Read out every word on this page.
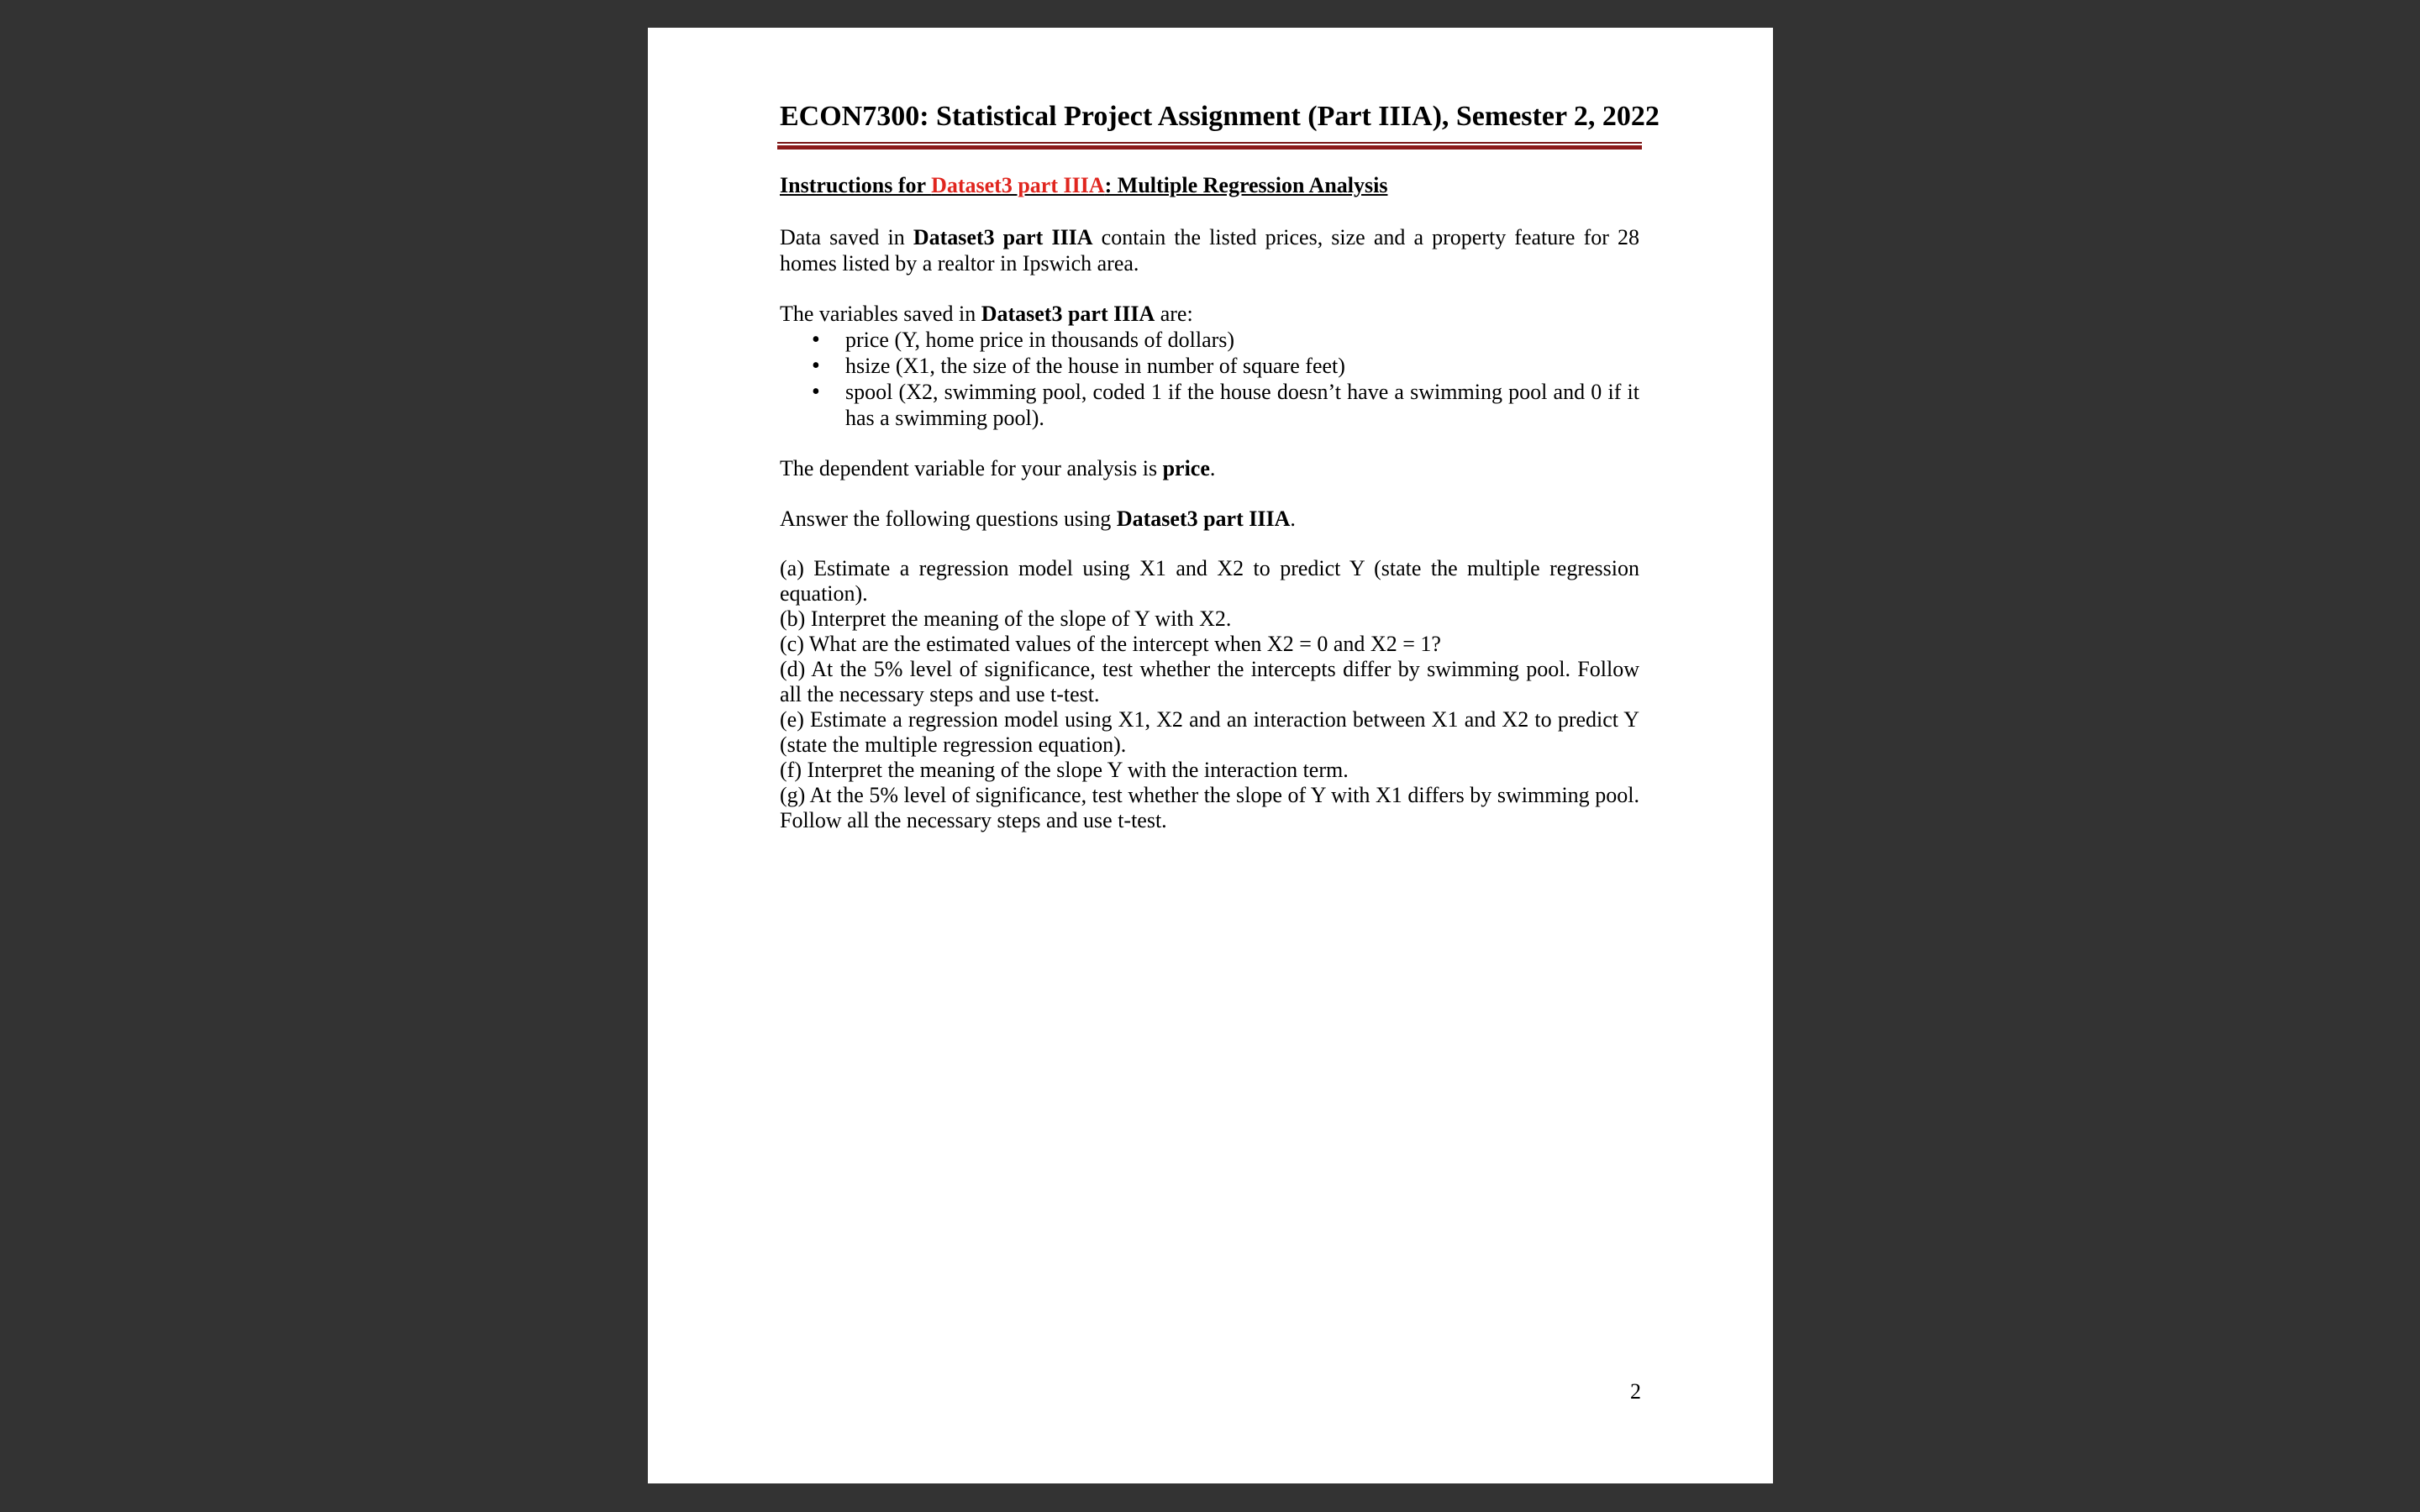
ECON7300: Statistical Project Assignment (Part IIIA), Semester 2, 2022
Instructions for Dataset3 part IIIA: Multiple Regression Analysis

Data saved in Dataset3 part IIIA contain the listed prices, size and a property feature for 28 homes listed by a realtor in Ipswich area.

The variables saved in Dataset3 part IIIA are:

• price (Y, home price in thousands of dollars)
• hsize (X1, the size of the house in number of square feet)
• spool (X2, swimming pool, coded 1 if the house doesn’t have a swimming pool and 0 if it has a swimming pool).

The dependent variable for your analysis is price.

Answer the following questions using Dataset3 part IIIA.

(a) Estimate a regression model using X1 and X2 to predict Y (state the multiple regression equation).

(b) Interpret the meaning of the slope of Y with X2.

(c) What are the estimated values of the intercept when X2 = 0 and X2 = 1?

(d) At the 5% level of significance, test whether the intercepts differ by swimming pool. Follow all the necessary steps and use t-test.

(e) Estimate a regression model using X1, X2 and an interaction between X1 and X2 to predict Y (state the multiple regression equation).

(f) Interpret the meaning of the slope Y with the interaction term.

(g) At the 5% level of significance, test whether the slope of Y with X1 differs by swimming pool. Follow all the necessary steps and use t-test.

2
